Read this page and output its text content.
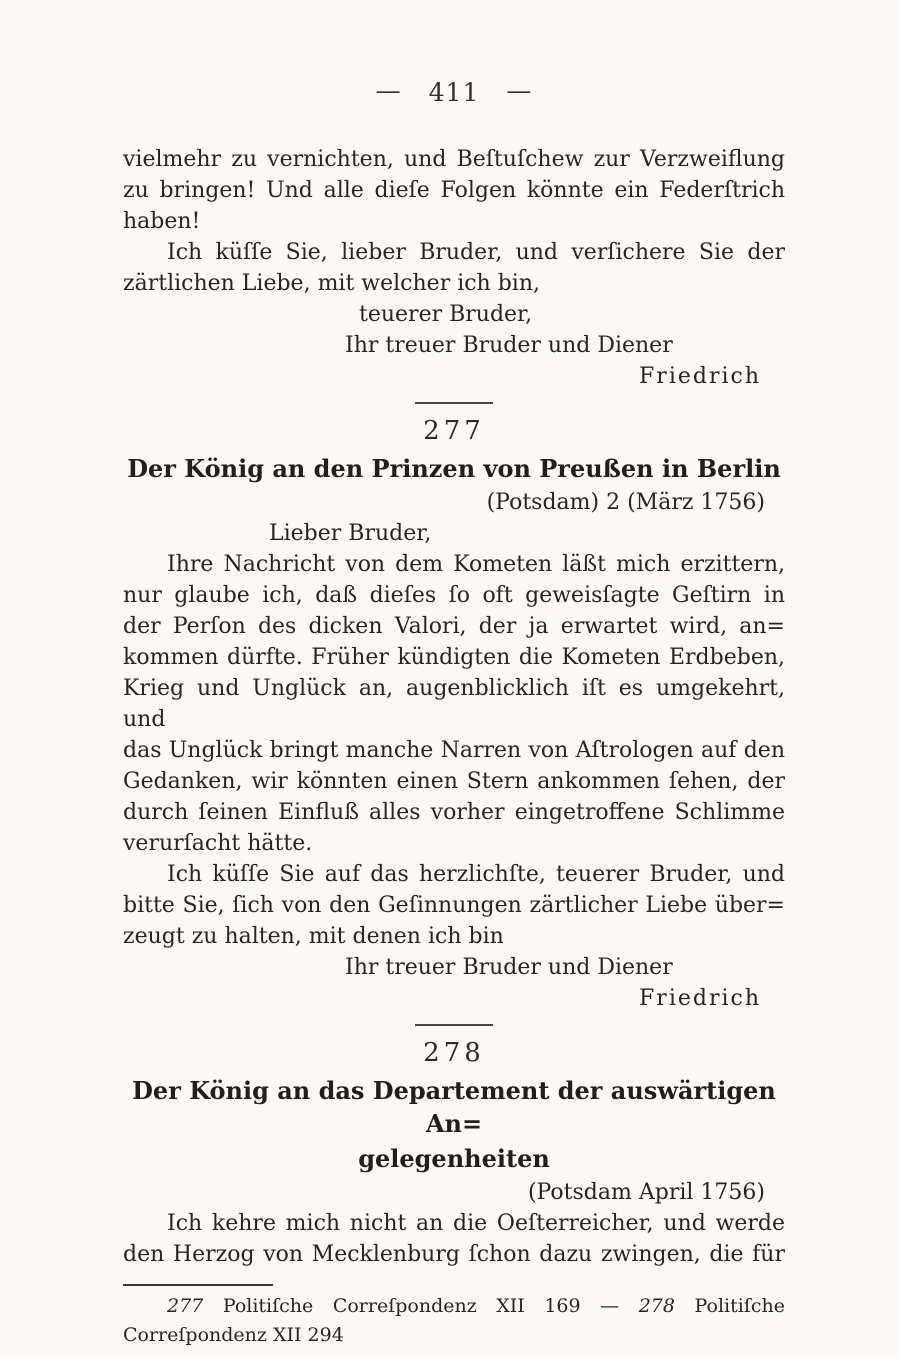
— 411 —
vielmehr zu vernichten, und Beſtuſchew zur Verzweiflung
zu bringen! Und alle dieſe Folgen könnte ein Federſtrich
haben!
Ich küſſe Sie, lieber Bruder, und verſichere Sie der
zärtlichen Liebe, mit welcher ich bin,
teuerer Bruder,
Ihr treuer Bruder und Diener
Friedrich
277
Der König an den Prinzen von Preußen in Berlin
(Potsdam) 2 (März 1756)
Lieber Bruder,
Ihre Nachricht von dem Kometen läßt mich erzittern,
nur glaube ich, daß dieſes ſo oft geweisſagte Geſtirn in
der Perſon des dicken Valori, der ja erwartet wird, an=
kommen dürfte. Früher kündigten die Kometen Erdbeben,
Krieg und Unglück an, augenblicklich iſt es umgekehrt, und
das Unglück bringt manche Narren von Aſtrologen auf den
Gedanken, wir könnten einen Stern ankommen ſehen, der
durch ſeinen Einfluß alles vorher eingetroffene Schlimme
verurſacht hätte.
Ich küſſe Sie auf das herzlichſte, teuerer Bruder, und
bitte Sie, ſich von den Geſinnungen zärtlicher Liebe über=
zeugt zu halten, mit denen ich bin
Ihr treuer Bruder und Diener
Friedrich
278
Der König an das Departement der auswärtigen An=
gelegenheiten
(Potsdam April 1756)
Ich kehre mich nicht an die Oeſterreicher, und werde
den Herzog von Mecklenburg ſchon dazu zwingen, die für
277 Politiſche Correſpondenz XII 169 — 278 Politiſche
Correſpondenz XII 294
